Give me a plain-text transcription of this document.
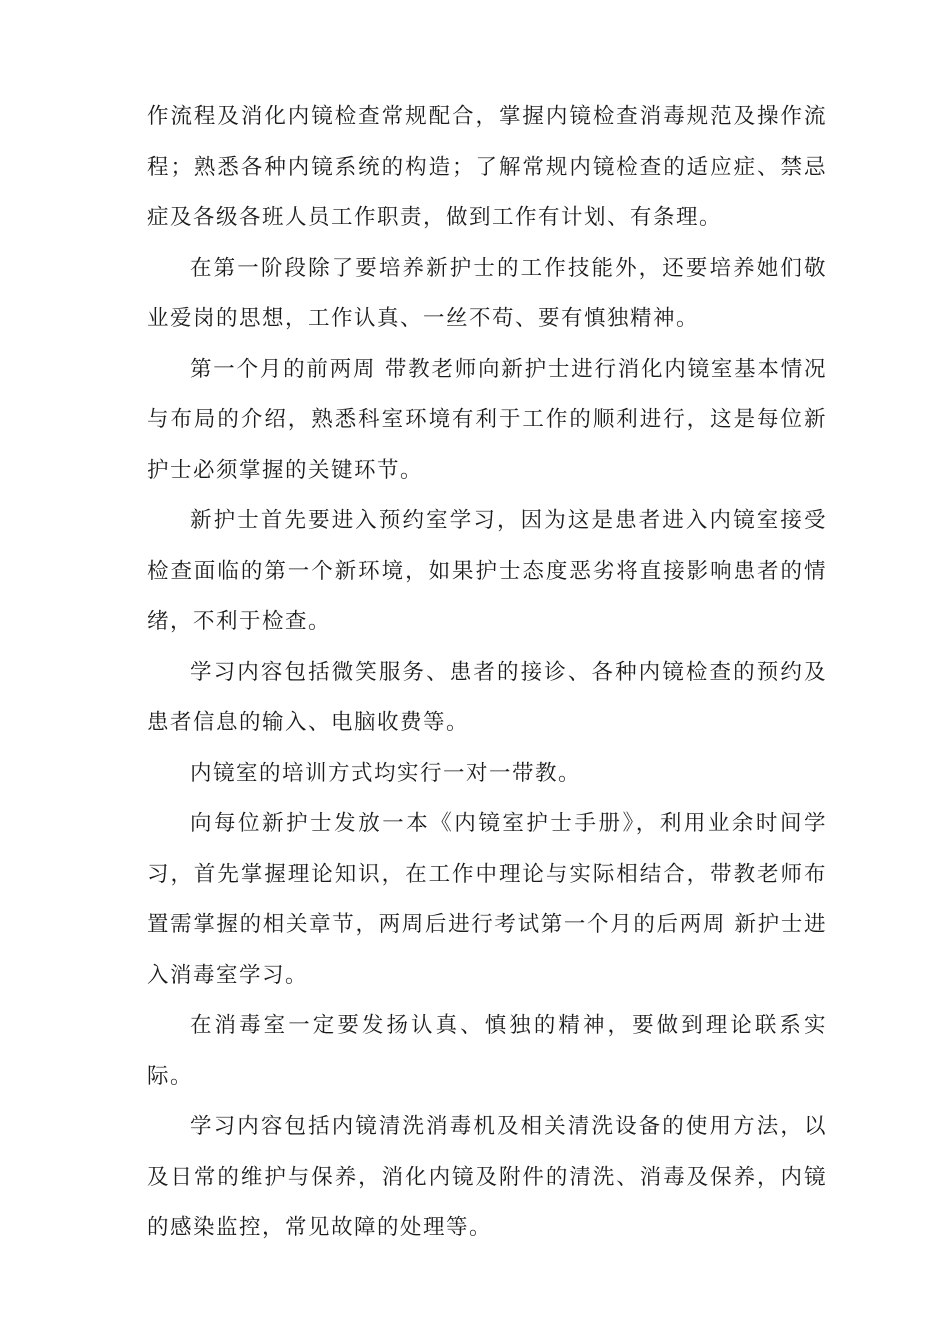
作流程及消化内镜检查常规配合，掌握内镜检查消毒规范及操作流程；熟悉各种内镜系统的构造；了解常规内镜检查的适应症、禁忌症及各级各班人员工作职责，做到工作有计划、有条理。

在第一阶段除了要培养新护士的工作技能外，还要培养她们敬业爱岗的思想，工作认真、一丝不苟、要有慎独精神。

第一个月的前两周 带教老师向新护士进行消化内镜室基本情况与布局的介绍，熟悉科室环境有利于工作的顺利进行，这是每位新护士必须掌握的关键环节。

新护士首先要进入预约室学习，因为这是患者进入内镜室接受检查面临的第一个新环境，如果护士态度恶劣将直接影响患者的情绪，不利于检查。

学习内容包括微笑服务、患者的接诊、各种内镜检查的预约及患者信息的输入、电脑收费等。

内镜室的培训方式均实行一对一带教。

向每位新护士发放一本《内镜室护士手册》，利用业余时间学习，首先掌握理论知识，在工作中理论与实际相结合，带教老师布置需掌握的相关章节，两周后进行考试第一个月的后两周 新护士进入消毒室学习。

在消毒室一定要发扬认真、慎独的精神，要做到理论联系实际。

学习内容包括内镜清洗消毒机及相关清洗设备的使用方法，以及日常的维护与保养，消化内镜及附件的清洗、消毒及保养，内镜的感染监控，常见故障的处理等。
